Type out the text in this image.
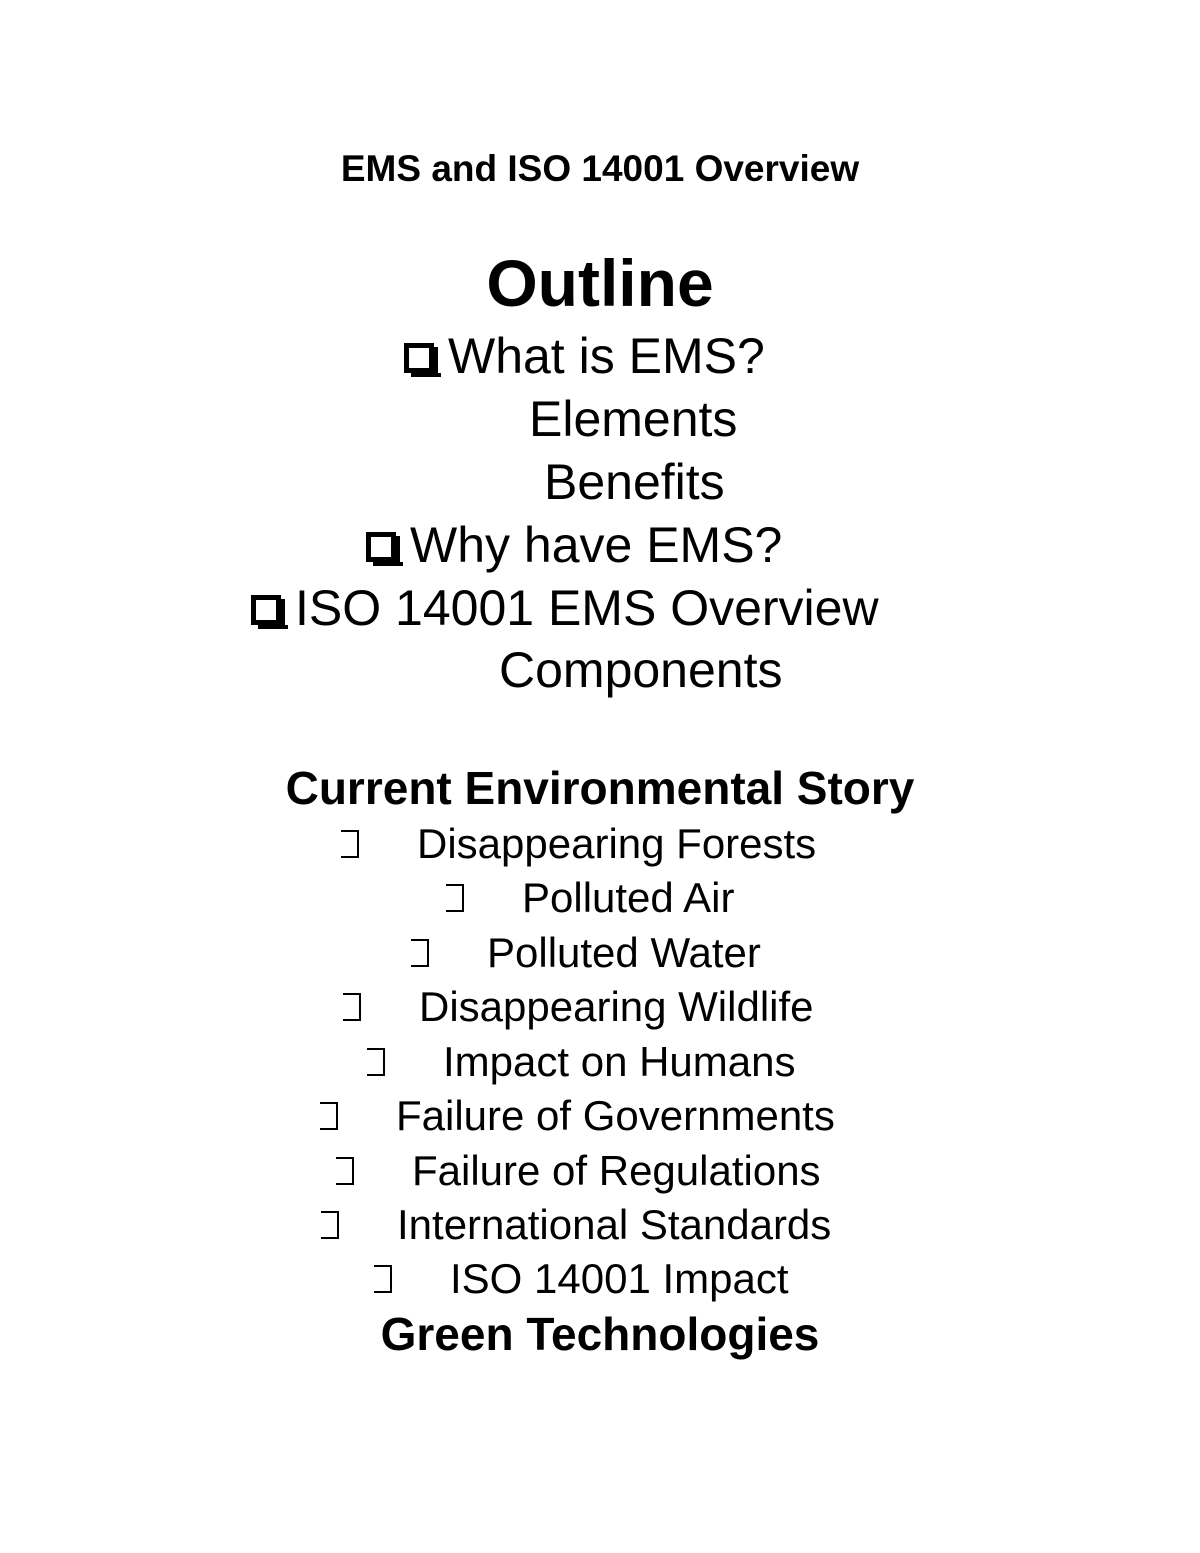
EMS and ISO 14001 Overview
Outline
What is EMS?
Elements
Benefits
Why have EMS?
ISO 14001 EMS Overview
Components
Current Environmental Story
Disappearing Forests
Polluted Air
Polluted Water
Disappearing Wildlife
Impact on Humans
Failure of Governments
Failure of Regulations
International Standards
ISO 14001 Impact
Green Technologies
